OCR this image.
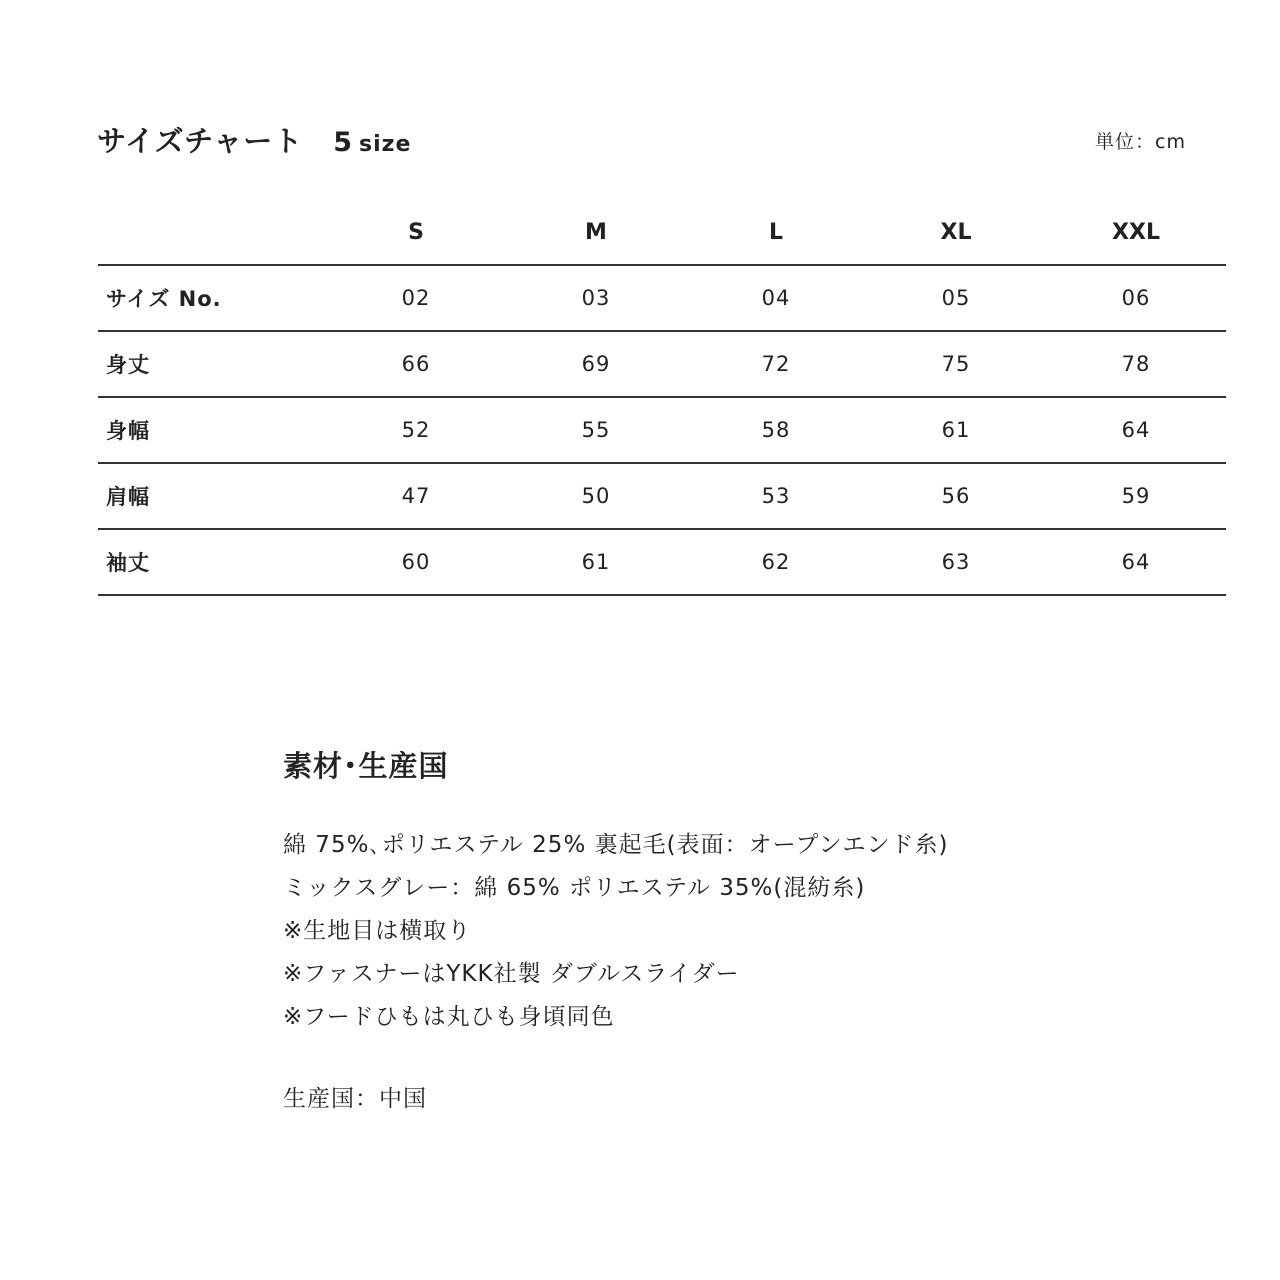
サイズチャート 5 size	単位：cm
	S	M	L	XL	XXL
サイズ No.	02	03	04	05	06
身丈	66	69	72	75	78
身幅	52	55	58	61	64
肩幅	47	50	53	56	59
袖丈	60	61	62	63	64
素材･生産国
綿 75%､ポリエステル 25% 裏起毛(表面：オープンエンド糸)
ミックスグレー：綿 65% ポリエステル 35%(混紡糸)
※生地目は横取り
※ファスナーはYKK社製 ダブルスライダー
※フードひもは丸ひも身頃同色
生産国：中国
